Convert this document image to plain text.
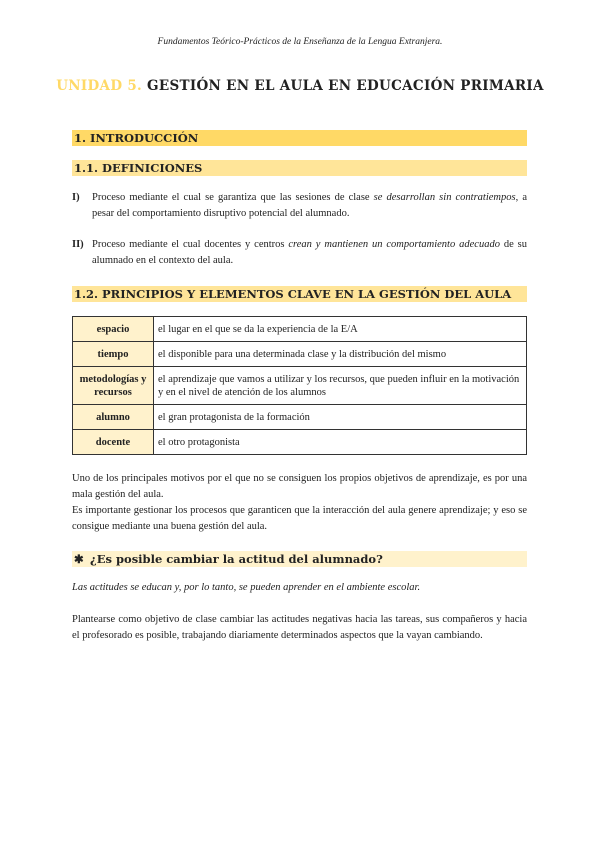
Fundamentos Teórico-Prácticos de la Enseñanza de la Lengua Extranjera.
UNIDAD 5. GESTIÓN EN EL AULA EN EDUCACIÓN PRIMARIA
1. INTRODUCCIÓN
1.1. DEFINICIONES
I)	Proceso mediante el cual se garantiza que las sesiones de clase se desarrollan sin contratiempos, a pesar del comportamiento disruptivo potencial del alumnado.
II) Proceso mediante el cual docentes y centros crean y mantienen un comportamiento adecuado de su alumnado en el contexto del aula.
1.2. PRINCIPIOS Y ELEMENTOS CLAVE EN LA GESTIÓN DEL AULA
espacio	el lugar en el que se da la experiencia de la E/A
tiempo	el disponible para una determinada clase y la distribución del mismo
metodologías y recursos	el aprendizaje que vamos a utilizar y los recursos, que pueden influir en la motivación y en el nivel de atención de los alumnos
alumno	el gran protagonista de la formación
docente	el otro protagonista
Uno de los principales motivos por el que no se consiguen los propios objetivos de aprendizaje, es por una mala gestión del aula.
Es importante gestionar los procesos que garanticen que la interacción del aula genere aprendizaje; y eso se consigue mediante una buena gestión del aula.
✱ ¿Es posible cambiar la actitud del alumnado?
Las actitudes se educan y, por lo tanto, se pueden aprender en el ambiente escolar.
Plantearse como objetivo de clase cambiar las actitudes negativas hacia las tareas, sus compañeros y hacia el profesorado es posible, trabajando diariamente determinados aspectos que la vayan cambiando.
